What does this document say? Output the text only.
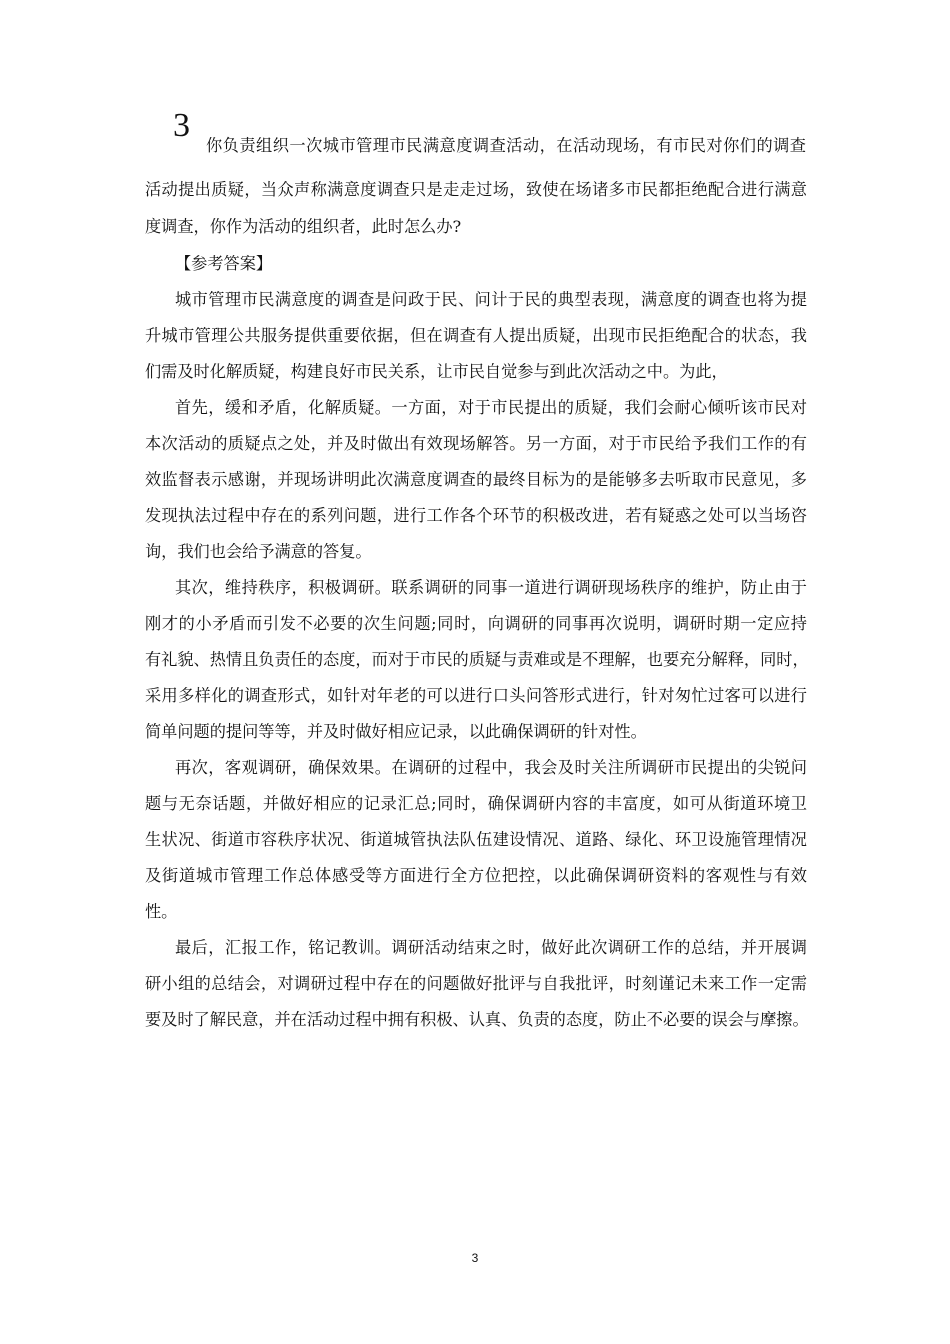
3
你负责组织一次城市管理市民满意度调查活动，在活动现场，有市民对你们的调查
活动提出质疑，当众声称满意度调查只是走走过场，致使在场诸多市民都拒绝配合进行满意
度调查，你作为活动的组织者，此时怎么办?
【参考答案】
城市管理市民满意度的调查是问政于民、问计于民的典型表现，满意度的调查也将为提
升城市管理公共服务提供重要依据，但在调查有人提出质疑，出现市民拒绝配合的状态，我
们需及时化解质疑，构建良好市民关系，让市民自觉参与到此次活动之中。为此，
首先，缓和矛盾，化解质疑。一方面，对于市民提出的质疑，我们会耐心倾听该市民对
本次活动的质疑点之处，并及时做出有效现场解答。另一方面，对于市民给予我们工作的有
效监督表示感谢，并现场讲明此次满意度调查的最终目标为的是能够多去听取市民意见，多
发现执法过程中存在的系列问题，进行工作各个环节的积极改进，若有疑惑之处可以当场咨
询，我们也会给予满意的答复。
其次，维持秩序，积极调研。联系调研的同事一道进行调研现场秩序的维护，防止由于
刚才的小矛盾而引发不必要的次生问题;同时，向调研的同事再次说明，调研时期一定应持
有礼貌、热情且负责任的态度，而对于市民的质疑与责难或是不理解，也要充分解释，同时，
采用多样化的调查形式，如针对年老的可以进行口头问答形式进行，针对匆忙过客可以进行
简单问题的提问等等，并及时做好相应记录，以此确保调研的针对性。
再次，客观调研，确保效果。在调研的过程中，我会及时关注所调研市民提出的尖锐问
题与无奈话题，并做好相应的记录汇总;同时，确保调研内容的丰富度，如可从街道环境卫
生状况、街道市容秩序状况、街道城管执法队伍建设情况、道路、绿化、环卫设施管理情况
及街道城市管理工作总体感受等方面进行全方位把控，以此确保调研资料的客观性与有效
性。
最后，汇报工作，铭记教训。调研活动结束之时，做好此次调研工作的总结，并开展调
研小组的总结会，对调研过程中存在的问题做好批评与自我批评，时刻谨记未来工作一定需
要及时了解民意，并在活动过程中拥有积极、认真、负责的态度，防止不必要的误会与摩擦。
3
